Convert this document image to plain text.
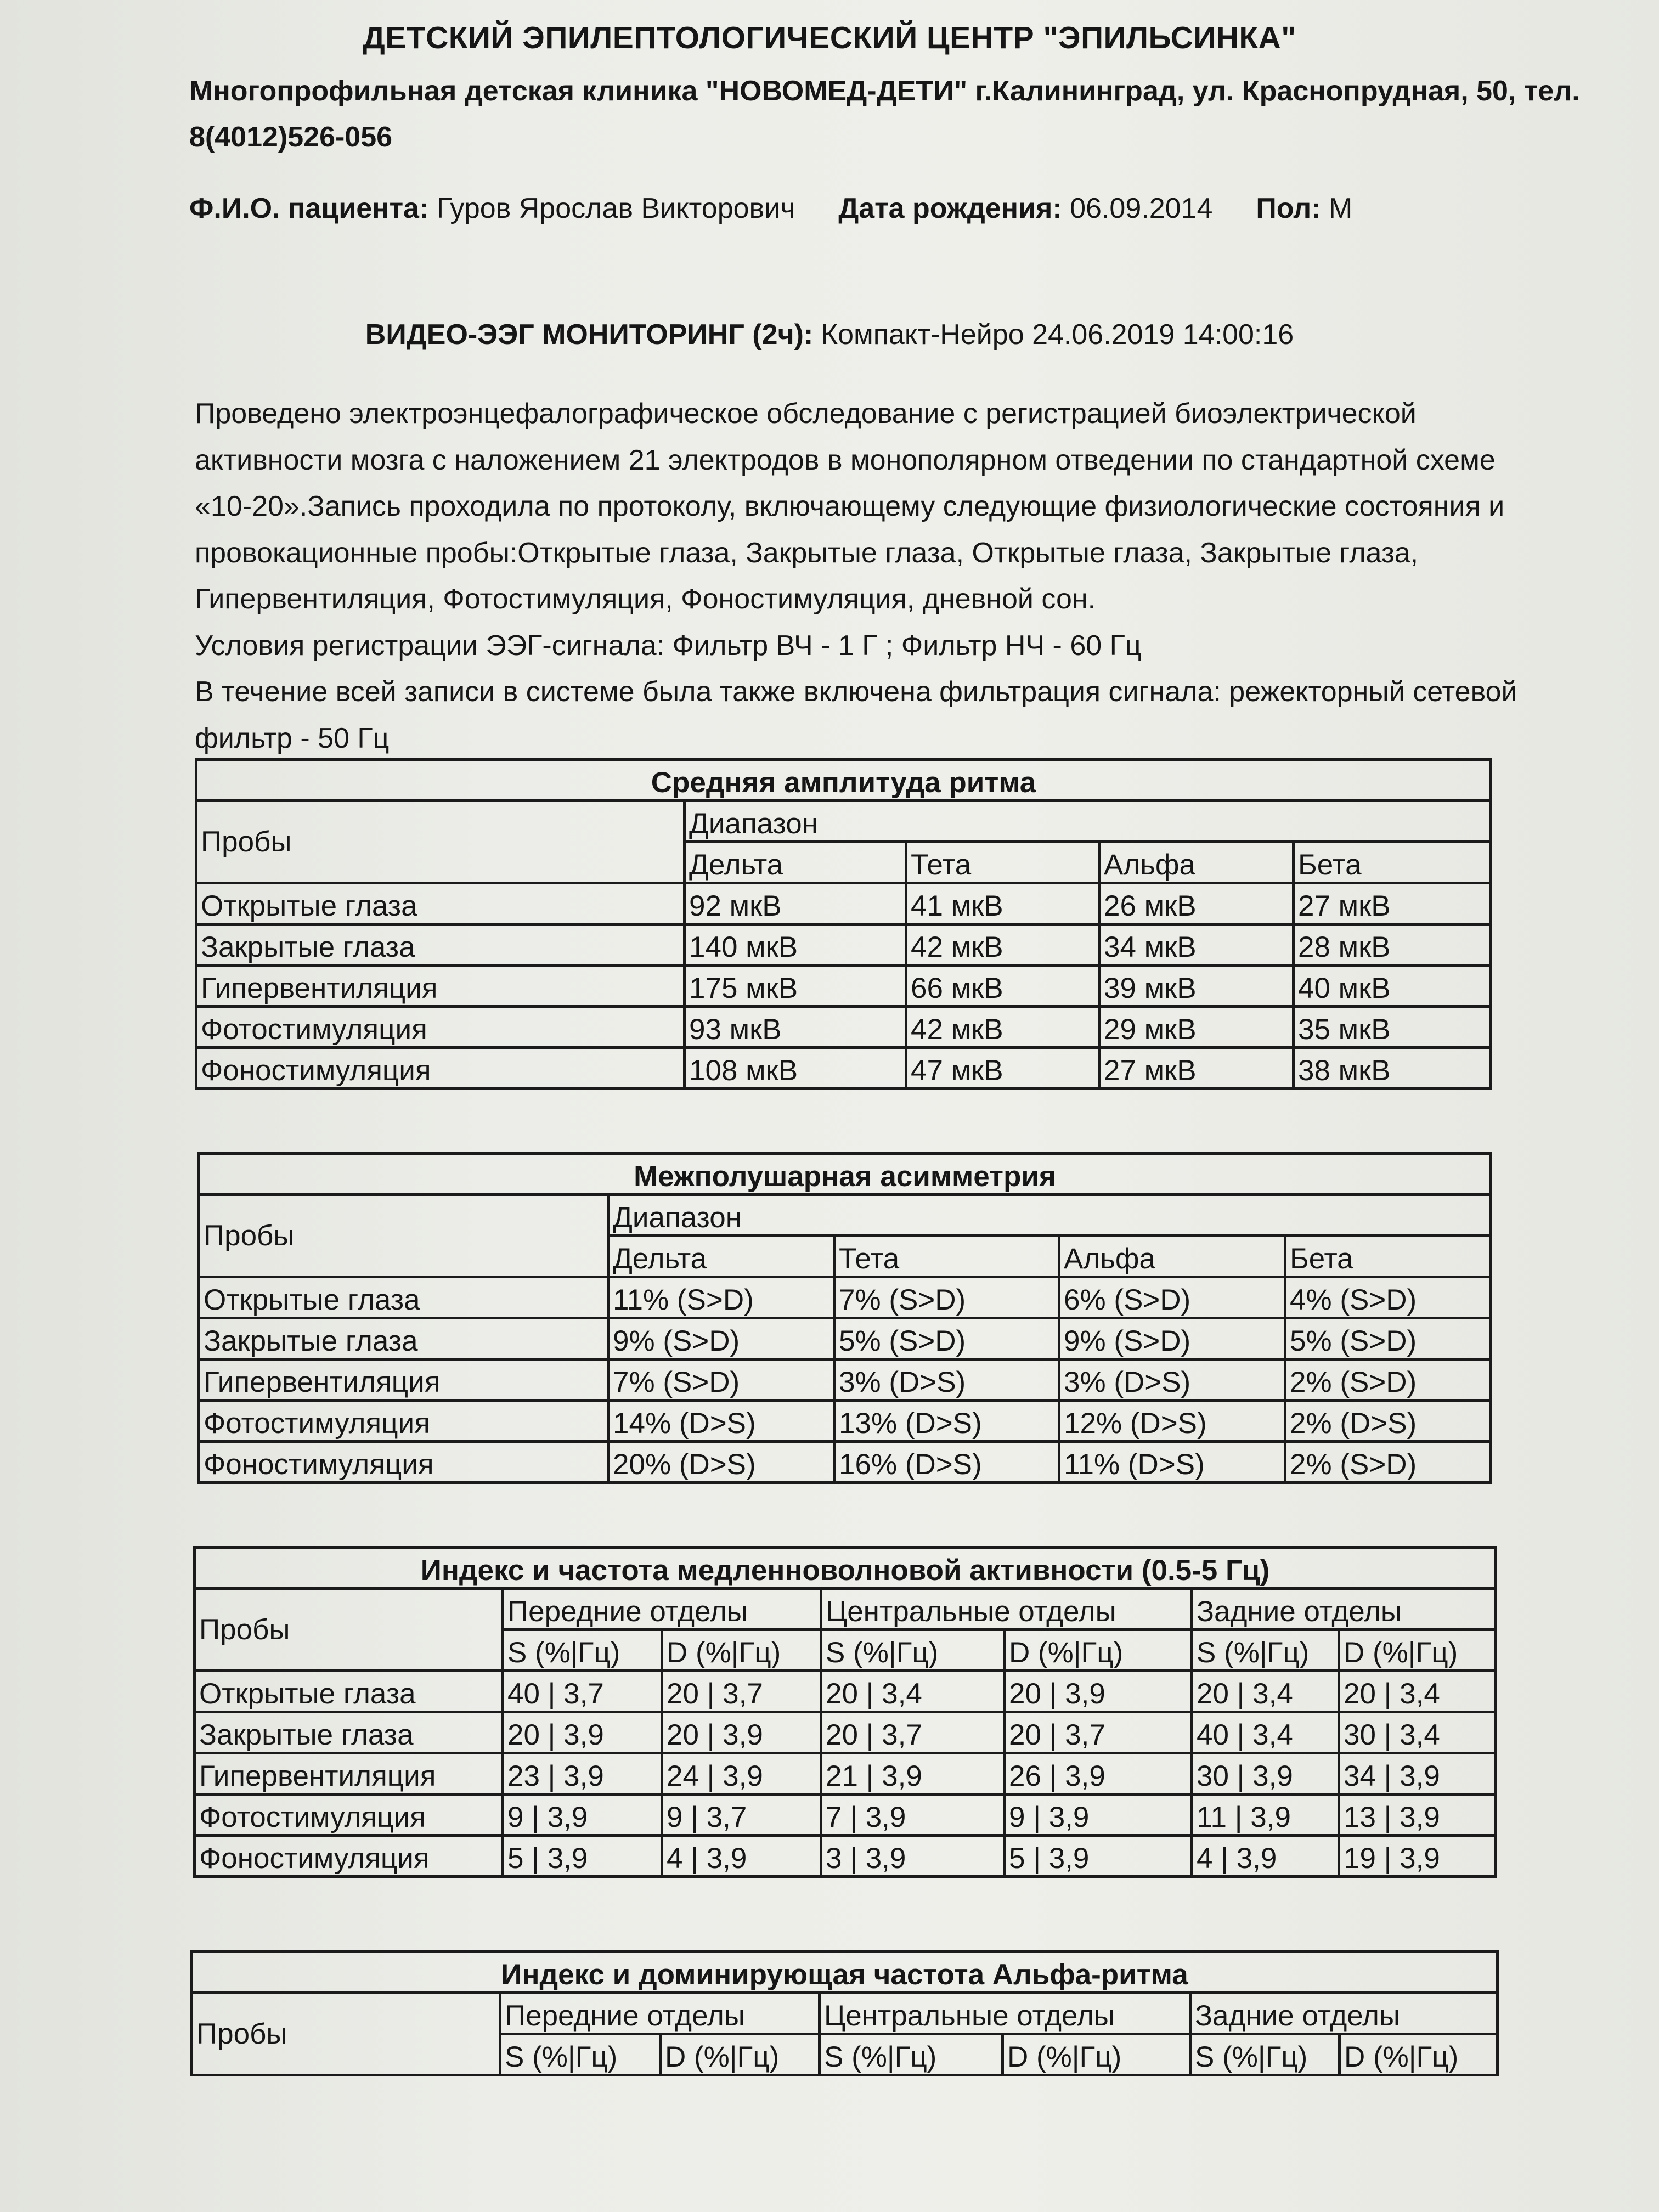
ДЕТСКИЙ ЭПИЛЕПТОЛОГИЧЕСКИЙ ЦЕНТР "ЭПИЛЬСИНКА"

Многопрофильная детская клиника "НОВОМЕД-ДЕТИ" г.Калининград, ул. Краснопрудная, 50, тел. 8(4012)526-056

Ф.И.О. пациента: Гуров Ярослав Викторович Дата рождения: 06.09.2014 Пол: М
ВИДЕО-ЭЭГ МОНИТОРИНГ (2ч): Компакт-Нейро 24.06.2019 14:00:16

Проведено электроэнцефалографическое обследование с регистрацией биоэлектрической активности мозга с наложением 21 электродов в монополярном отведении по стандартной схеме «10-20».Запись проходила по протоколу, включающему следующие физиологические состояния и провокационные пробы:Открытые глаза, Закрытые глаза, Открытые глаза, Закрытые глаза, Гипервентиляция, Фотостимуляция, Фоностимуляция, дневной сон.

Условия регистрации ЭЭГ-сигнала: Фильтр ВЧ - 1 Г ; Фильтр НЧ - 60 Гц

В течение всей записи в системе была также включена фильтрация сигнала: режекторный сетевой фильтр - 50 Гц

Средняя амплитуда ритма				
Пробы	Диапазон			
	Дельта	Тета	Альфа	Бета
Открытые глаза	92 мкВ	41 мкВ	26 мкВ	27 мкВ
Закрытые глаза	140 мкВ	42 мкВ	34 мкВ	28 мкВ
Гипервентиляция	175 мкВ	66 мкВ	39 мкВ	40 мкВ
Фотостимуляция	93 мкВ	42 мкВ	29 мкВ	35 мкВ
Фоностимуляция	108 мкВ	47 мкВ	27 мкВ	38 мкВ
Межполушарная асимметрия				
Пробы	Диапазон			
	Дельта	Тета	Альфа	Бета
Открытые глаза	11% (S>D)	7% (S>D)	6% (S>D)	4% (S>D)
Закрытые глаза	9% (S>D)	5% (S>D)	9% (S>D)	5% (S>D)
Гипервентиляция	7% (S>D)	3% (D>S)	3% (D>S)	2% (S>D)
Фотостимуляция	14% (D>S)	13% (D>S)	12% (D>S)	2% (D>S)
Фоностимуляция	20% (D>S)	16% (D>S)	11% (D>S)	2% (S>D)
Индекс и частота медленноволновой активности (0.5-5 Гц)						
Пробы	Передние отделы		Центральные отделы		Задние отделы	
	S (%|Гц)	D (%|Гц)	S (%|Гц)	D (%|Гц)	S (%|Гц)	D (%|Гц)
Открытые глаза	40 | 3,7	20 | 3,7	20 | 3,4	20 | 3,9	20 | 3,4	20 | 3,4
Закрытые глаза	20 | 3,9	20 | 3,9	20 | 3,7	20 | 3,7	40 | 3,4	30 | 3,4
Гипервентиляция	23 | 3,9	24 | 3,9	21 | 3,9	26 | 3,9	30 | 3,9	34 | 3,9
Фотостимуляция	9 | 3,9	9 | 3,7	7 | 3,9	9 | 3,9	11 | 3,9	13 | 3,9
Фоностимуляция	5 | 3,9	4 | 3,9	3 | 3,9	5 | 3,9	4 | 3,9	19 | 3,9
Индекс и доминирующая частота Альфа-ритма						
Пробы	Передние отделы		Центральные отделы		Задние отделы	
	S (%|Гц)	D (%|Гц)	S (%|Гц)	D (%|Гц)	S (%|Гц)	D (%|Гц)
